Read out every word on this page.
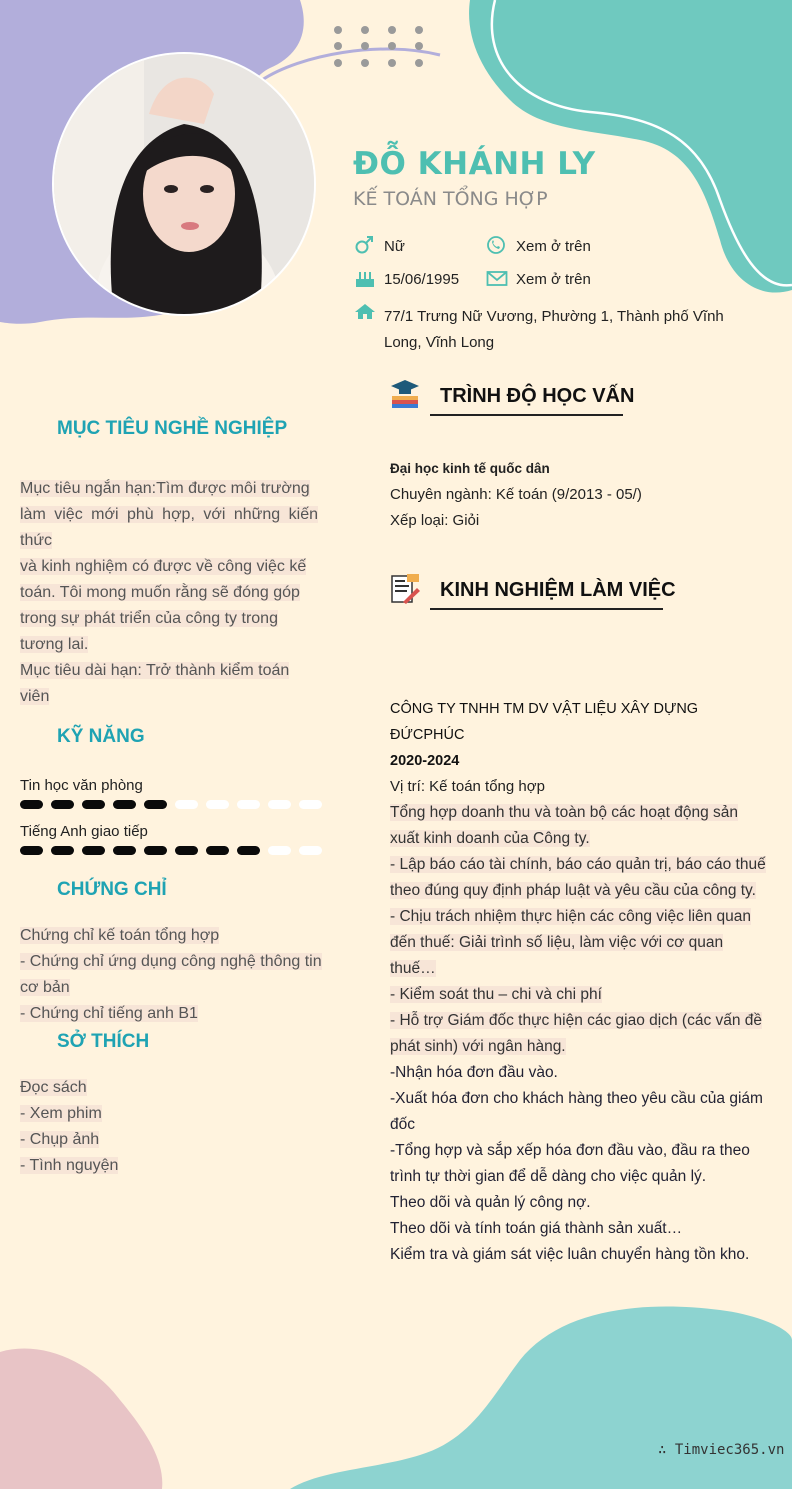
ĐỖ KHÁNH LY
KẾ TOÁN TỔNG HỢP
Nữ	Xem ở trên
15/06/1995	Xem ở trên
77/1 Trưng Nữ Vương, Phường 1, Thành phố Vĩnh
Long, Vĩnh Long
MỤC TIÊU NGHỀ NGHIỆP
Mục tiêu ngắn hạn:Tìm được môi trường
làm việc mới phù hợp, với những kiến thức
và kinh nghiệm có được về công việc kế
toán. Tôi mong muốn rằng sẽ đóng góp
trong sự phát triển của công ty trong
tương lai.
Mục tiêu dài hạn: Trở thành kiểm toán
viên
KỸ NĂNG
Tin học văn phòng
Tiếng Anh giao tiếp
CHỨNG CHỈ
Chứng chỉ kế toán tổng hợp
- Chứng chỉ ứng dụng công nghệ thông tin
cơ bản
- Chứng chỉ tiếng anh B1
SỞ THÍCH
Đọc sách
- Xem phim
- Chụp ảnh
- Tình nguyện
TRÌNH ĐỘ HỌC VẤN
Đại học kinh tế quốc dân
Chuyên ngành: Kế toán (9/2013 - 05/)
Xếp loại: Giỏi
KINH NGHIỆM LÀM VIỆC
CÔNG TY TNHH TM DV VẬT LIỆU XÂY DỰNG ĐỨCPHÚC
2020-2024
Vị trí: Kế toán tổng hợp
Tổng hợp doanh thu và toàn bộ các hoạt động sản xuất kinh doanh của Công ty.
- Lập báo cáo tài chính, báo cáo quản trị, báo cáo thuế theo đúng quy định pháp luật và yêu cầu của công ty.
- Chịu trách nhiệm thực hiện các công việc liên quan đến thuế: Giải trình số liệu, làm việc với cơ quan thuế…
- Kiểm soát thu – chi và chi phí
- Hỗ trợ Giám đốc thực hiện các giao dịch (các vấn đề phát sinh) với ngân hàng.
-Nhận hóa đơn đầu vào.
-Xuất hóa đơn cho khách hàng theo yêu cầu của giám đốc
-Tổng hợp và sắp xếp hóa đơn đầu vào, đầu ra theo trình tự thời gian để dễ dàng cho việc quản lý.
Theo dõi và quản lý công nợ.
Theo dõi và tính toán giá thành sản xuất…
Kiểm tra và giám sát việc luân chuyển hàng tồn kho.
∴ Timviec365.vn
